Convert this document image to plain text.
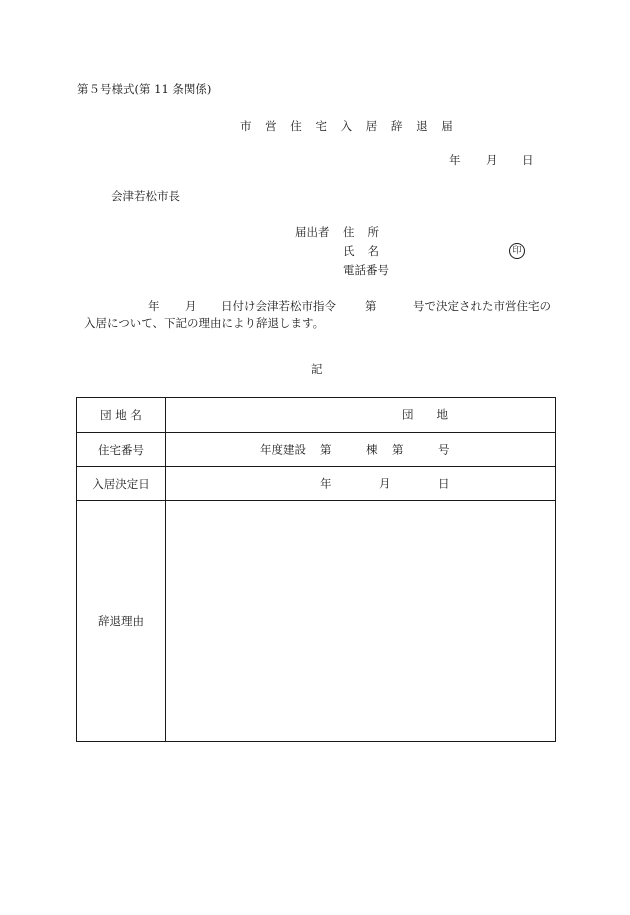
第５号様式(第 11 条関係)
市 営 住 宅 入 居 辞 退 届
年 月 日
会津若松市長
届出者 住所
氏名
電話番号
印
年 月 日付け会津若松市指令	第	号で決定された市営住宅の
入居について、下記の理由により辞退します。
記
団 地 名	団　　地

住宅番号	年度建設 第 棟 第 号

入居決定日	年 月 日

辞退理由	
